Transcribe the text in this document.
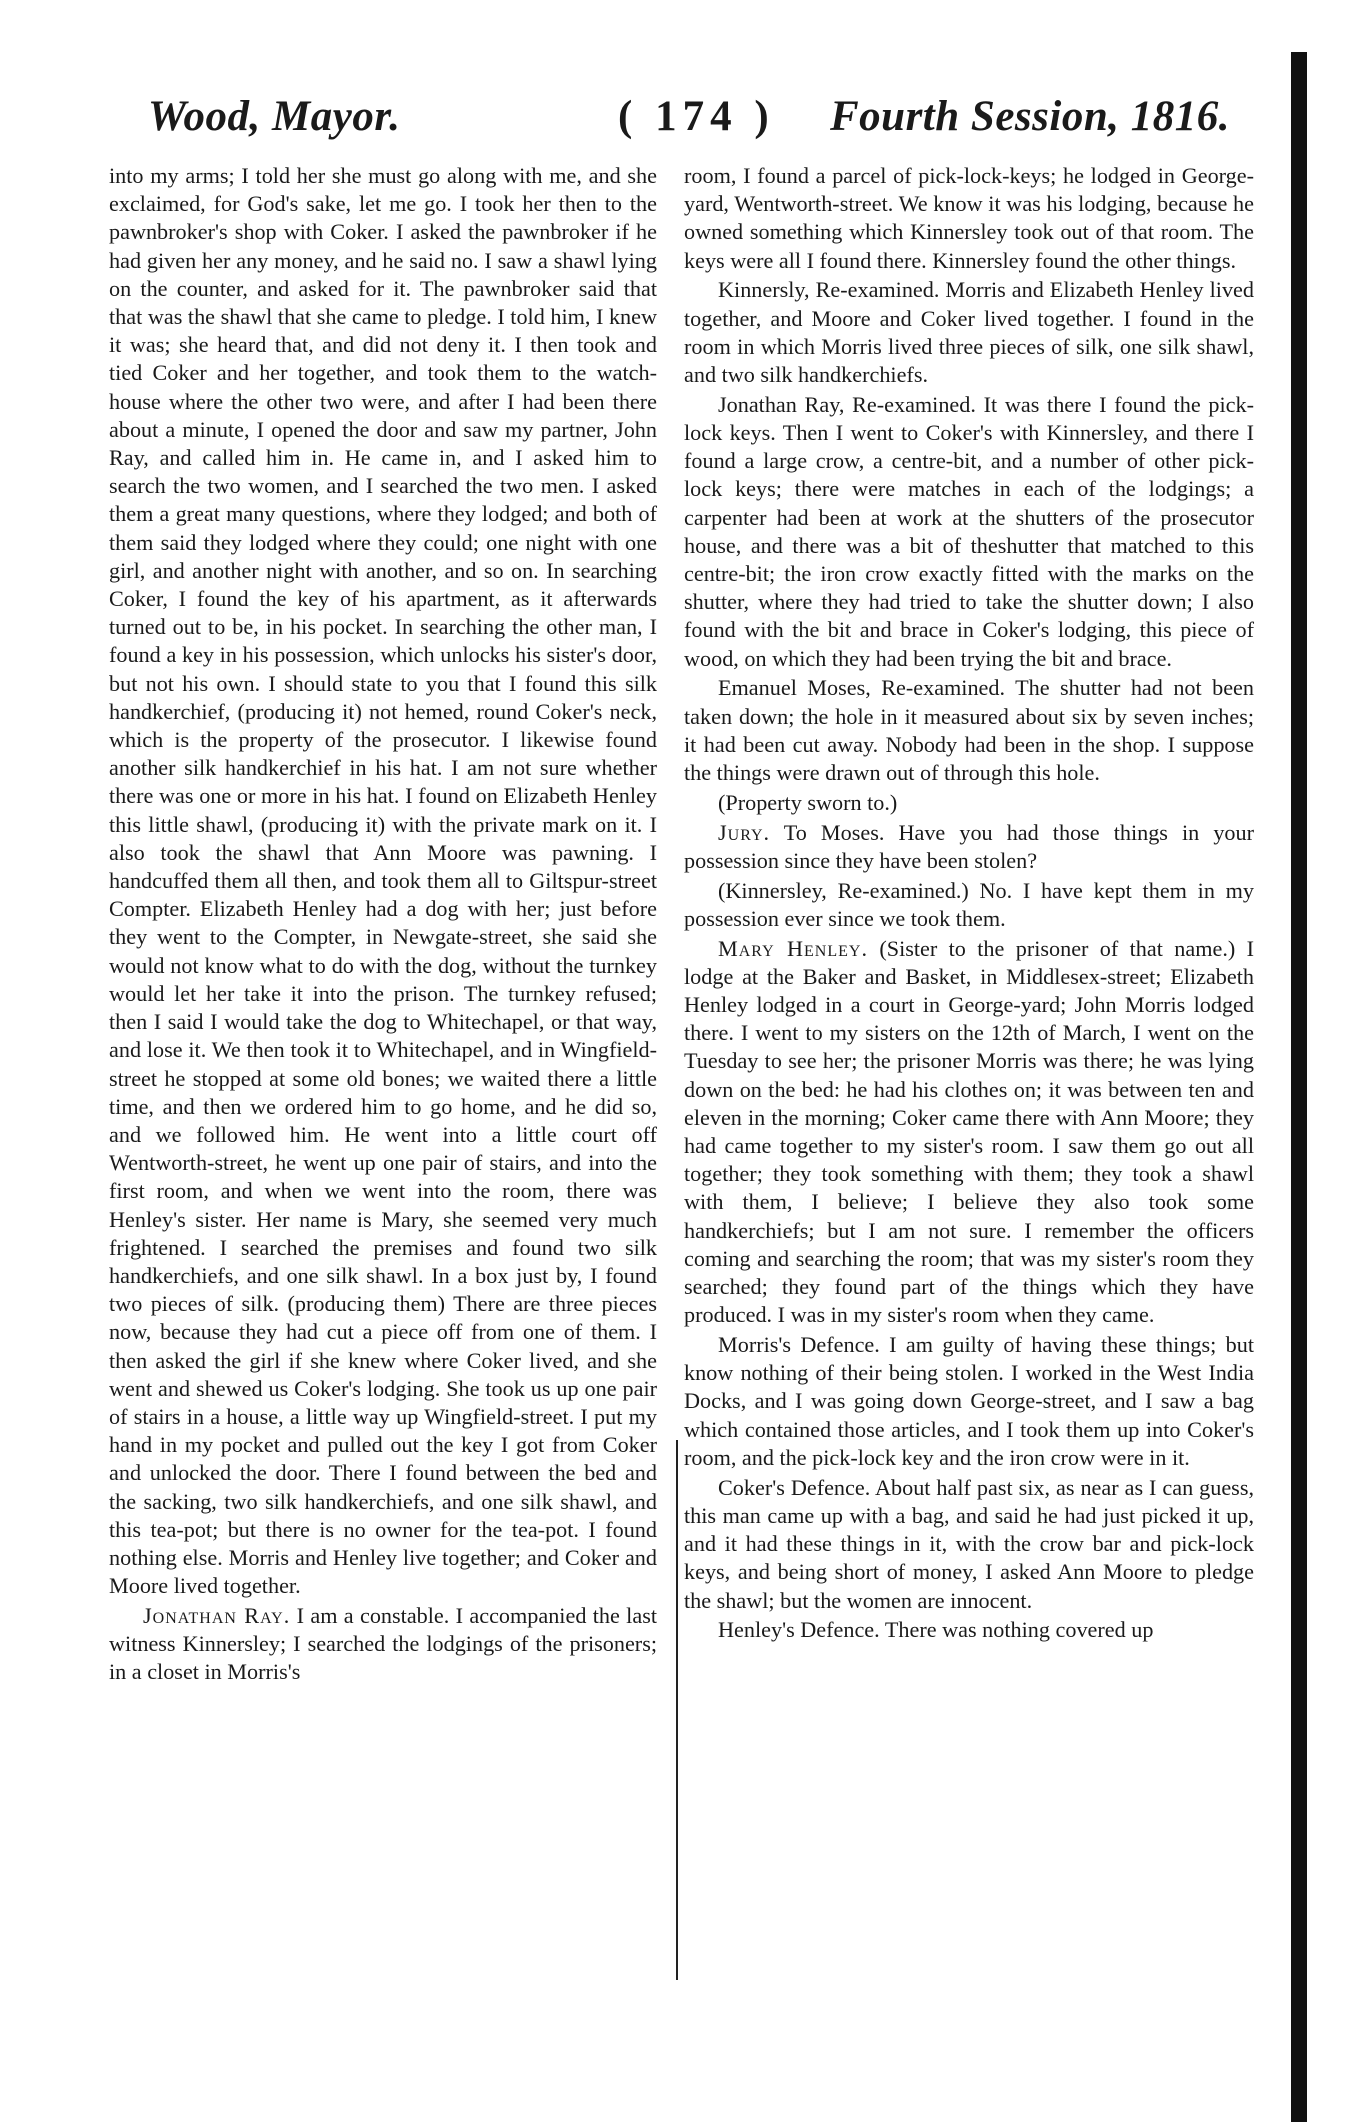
Wood, Mayor.	( 174 ) Fourth Session, 1816.

into my arms; I told her she must go along with me, and she exclaimed, for God's sake, let me go. I took her then to the pawnbroker's shop with Coker. I asked the pawnbroker if he had given her any money, and he said no. I saw a shawl lying on the counter, and asked for it. The pawnbroker said that that was the shawl that she came to pledge. I told him, I knew it was; she heard that, and did not deny it. I then took and tied Coker and her together, and took them to the watch-house where the other two were, and after I had been there about a minute, I opened the door and saw my partner, John Ray, and called him in. He came in, and I asked him to search the two women, and I searched the two men. I asked them a great many questions, where they lodged; and both of them said they lodged where they could; one night with one girl, and another night with another, and so on. In searching Coker, I found the key of his apartment, as it afterwards turned out to be, in his pocket. In searching the other man, I found a key in his possession, which unlocks his sister's door, but not his own. I should state to you that I found this silk handkerchief, (producing it) not hemed, round Coker's neck, which is the property of the prosecutor. I likewise found another silk handkerchief in his hat. I am not sure whether there was one or more in his hat. I found on Elizabeth Henley this little shawl, (producing it) with the private mark on it. I also took the shawl that Ann Moore was pawning. I handcuffed them all then, and took them all to Giltspur-street Compter. Elizabeth Henley had a dog with her; just before they went to the Compter, in Newgate-street, she said she would not know what to do with the dog, without the turnkey would let her take it into the prison. The turnkey refused; then I said I would take the dog to Whitechapel, or that way, and lose it. We then took it to Whitechapel, and in Wingfield-street he stopped at some old bones; we waited there a little time, and then we ordered him to go home, and he did so, and we followed him. He went into a little court off Wentworth-street, he went up one pair of stairs, and into the first room, and when we went into the room, there was Henley's sister. Her name is Mary, she seemed very much frightened. I searched the premises and found two silk handkerchiefs, and one silk shawl. In a box just by, I found two pieces of silk. (producing them) There are three pieces now, because they had cut a piece off from one of them. I then asked the girl if she knew where Coker lived, and she went and shewed us Coker's lodging. She took us up one pair of stairs in a house, a little way up Wingfield-street. I put my hand in my pocket and pulled out the key I got from Coker and unlocked the door. There I found between the bed and the sacking, two silk handkerchiefs, and one silk shawl, and this tea-pot; but there is no owner for the tea-pot. I found nothing else. Morris and Henley live together; and Coker and Moore lived together.

Jonathan Ray. I am a constable. I accompanied the last witness Kinnersley; I searched the lodgings of the prisoners; in a closet in Morris's

room, I found a parcel of pick-lock-keys; he lodged in George-yard, Wentworth-street. We know it was his lodging, because he owned something which Kinnersley took out of that room. The keys were all I found there. Kinnersley found the other things.

Kinnersly, Re-examined. Morris and Elizabeth Henley lived together, and Moore and Coker lived together. I found in the room in which Morris lived three pieces of silk, one silk shawl, and two silk handkerchiefs.

Jonathan Ray, Re-examined. It was there I found the pick-lock keys. Then I went to Coker's with Kinnersley, and there I found a large crow, a centre-bit, and a number of other pick-lock keys; there were matches in each of the lodgings; a carpenter had been at work at the shutters of the prosecutor house, and there was a bit of theshutter that matched to this centre-bit; the iron crow exactly fitted with the marks on the shutter, where they had tried to take the shutter down; I also found with the bit and brace in Coker's lodging, this piece of wood, on which they had been trying the bit and brace.

Emanuel Moses, Re-examined. The shutter had not been taken down; the hole in it measured about six by seven inches; it had been cut away. Nobody had been in the shop. I suppose the things were drawn out of through this hole.

(Property sworn to.)

Jury. To Moses. Have you had those things in your possession since they have been stolen?

(Kinnersley, Re-examined.) No. I have kept them in my possession ever since we took them.

Mary Henley. (Sister to the prisoner of that name.) I lodge at the Baker and Basket, in Middlesex-street; Elizabeth Henley lodged in a court in George-yard; John Morris lodged there. I went to my sisters on the 12th of March, I went on the Tuesday to see her; the prisoner Morris was there; he was lying down on the bed: he had his clothes on; it was between ten and eleven in the morning; Coker came there with Ann Moore; they had came together to my sister's room. I saw them go out all together; they took something with them; they took a shawl with them, I believe; I believe they also took some handkerchiefs; but I am not sure. I remember the officers coming and searching the room; that was my sister's room they searched; they found part of the things which they have produced. I was in my sister's room when they came.

Morris's Defence. I am guilty of having these things; but know nothing of their being stolen. I worked in the West India Docks, and I was going down George-street, and I saw a bag which contained those articles, and I took them up into Coker's room, and the pick-lock key and the iron crow were in it.

Coker's Defence. About half past six, as near as I can guess, this man came up with a bag, and said he had just picked it up, and it had these things in it, with the crow bar and pick-lock keys, and being short of money, I asked Ann Moore to pledge the shawl; but the women are innocent.

Henley's Defence. There was nothing covered up
